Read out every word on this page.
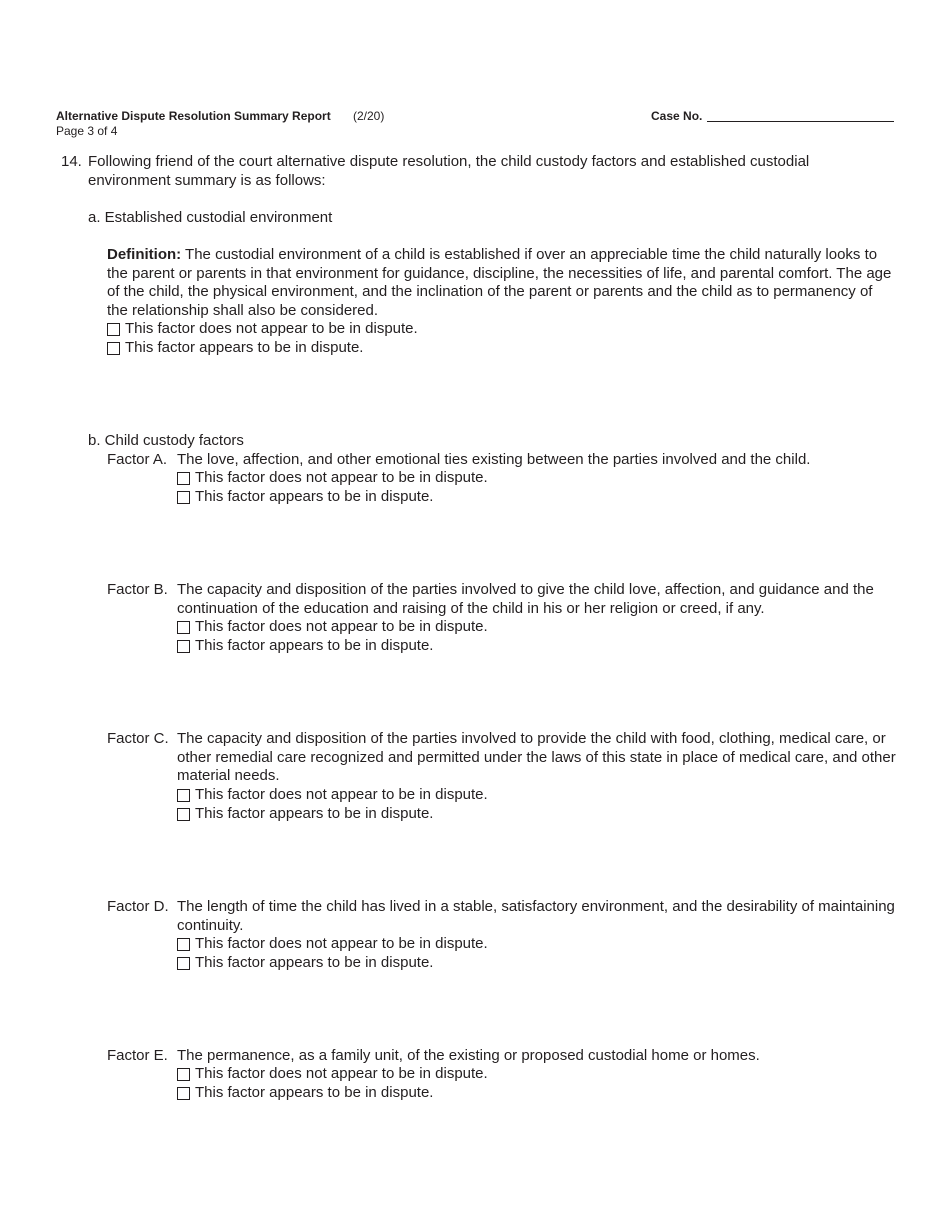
Alternative Dispute Resolution Summary Report (2/20)
Page 3 of 4
Case No.
14. Following friend of the court alternative dispute resolution, the child custody factors and established custodial environment summary is as follows:
a. Established custodial environment
Definition: The custodial environment of a child is established if over an appreciable time the child naturally looks to the parent or parents in that environment for guidance, discipline, the necessities of life, and parental comfort. The age of the child, the physical environment, and the inclination of the parent or parents and the child as to permanency of the relationship shall also be considered.
This factor does not appear to be in dispute.
This factor appears to be in dispute.
b. Child custody factors
Factor A. The love, affection, and other emotional ties existing between the parties involved and the child.
This factor does not appear to be in dispute.
This factor appears to be in dispute.
Factor B. The capacity and disposition of the parties involved to give the child love, affection, and guidance and the continuation of the education and raising of the child in his or her religion or creed, if any.
This factor does not appear to be in dispute.
This factor appears to be in dispute.
Factor C. The capacity and disposition of the parties involved to provide the child with food, clothing, medical care, or other remedial care recognized and permitted under the laws of this state in place of medical care, and other material needs.
This factor does not appear to be in dispute.
This factor appears to be in dispute.
Factor D. The length of time the child has lived in a stable, satisfactory environment, and the desirability of maintaining continuity.
This factor does not appear to be in dispute.
This factor appears to be in dispute.
Factor E. The permanence, as a family unit, of the existing or proposed custodial home or homes.
This factor does not appear to be in dispute.
This factor appears to be in dispute.
